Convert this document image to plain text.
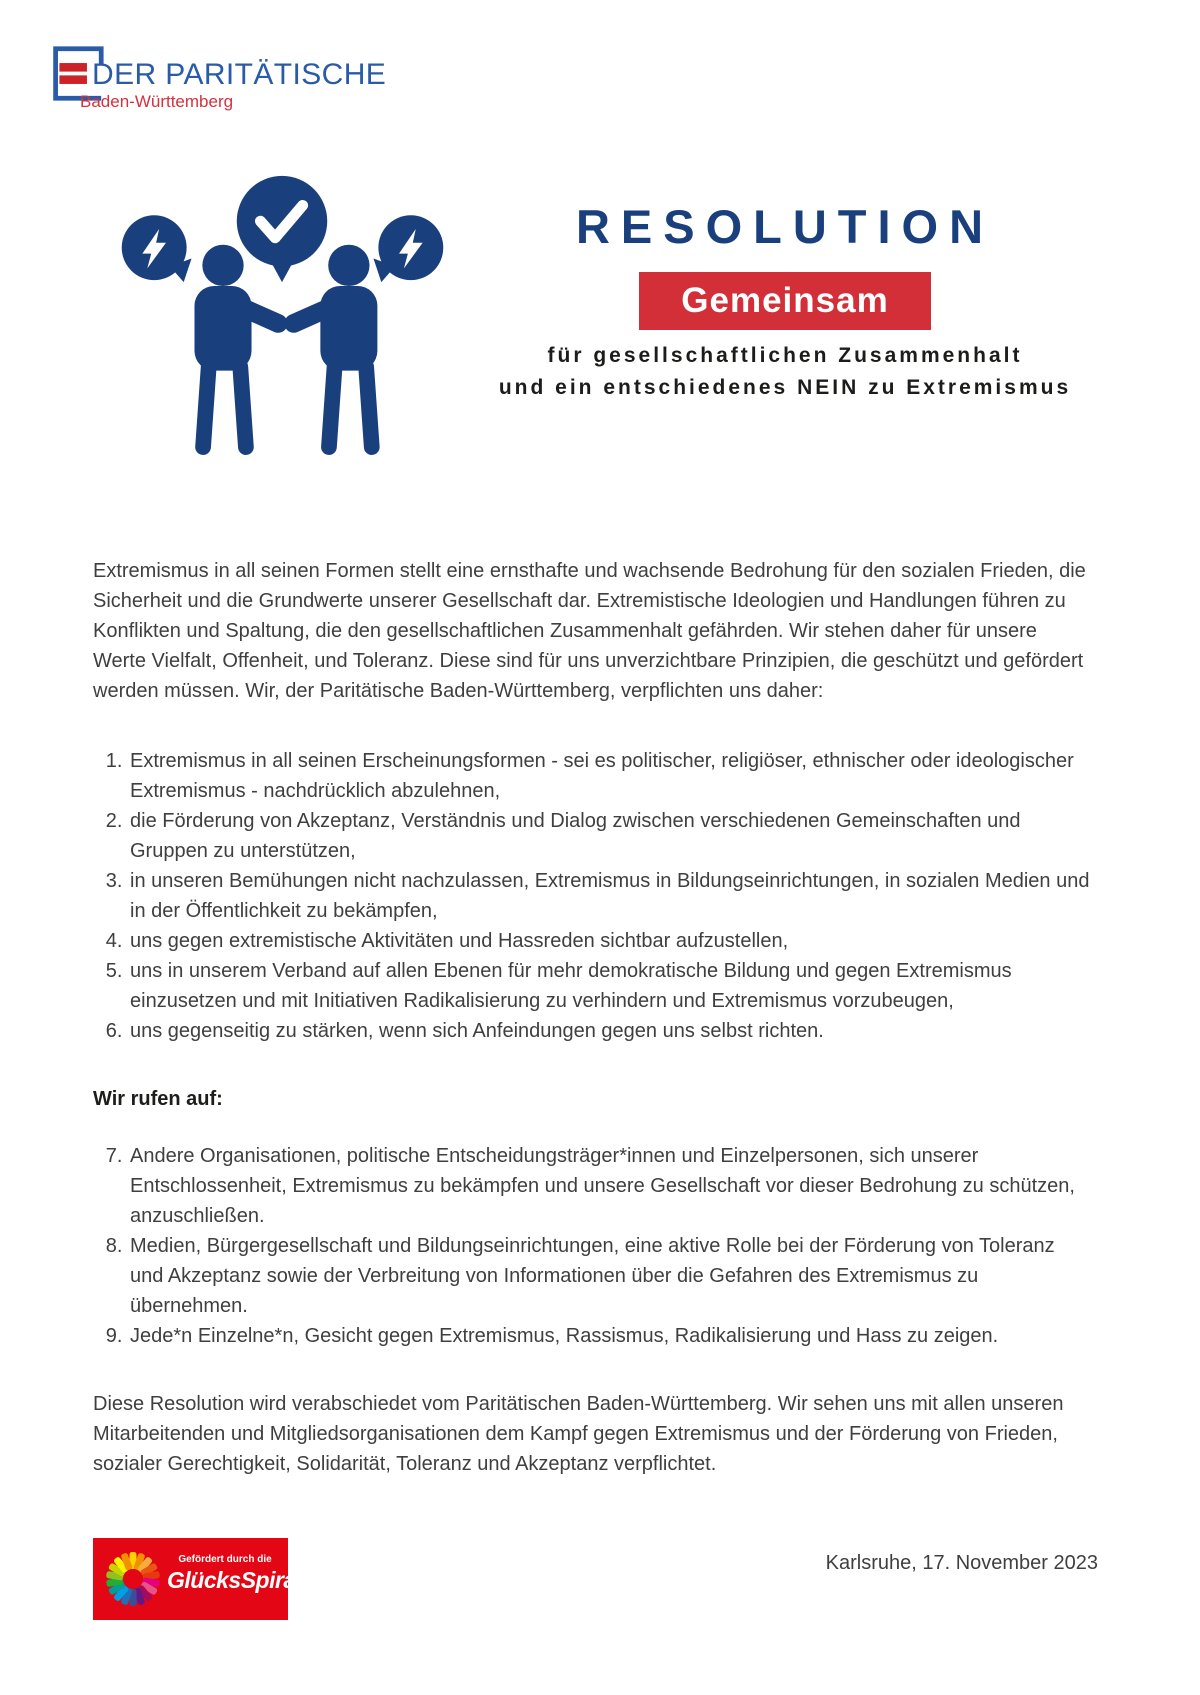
DER PARITÄTISCHE
Baden-Württemberg
RESOLUTION
Gemeinsam
für gesellschaftlichen Zusammenhalt
und ein entschiedenes NEIN zu Extremismus

Extremismus in all seinen Formen stellt eine ernsthafte und wachsende Bedrohung für den sozialen Frieden, die Sicherheit und die Grundwerte unserer Gesellschaft dar. Extremistische Ideologien und Handlungen führen zu Konflikten und Spaltung, die den gesellschaftlichen Zusammenhalt gefährden. Wir stehen daher für unsere Werte Vielfalt, Offenheit, und Toleranz. Diese sind für uns unverzichtbare Prinzipien, die geschützt und gefördert werden müssen. Wir, der Paritätische Baden-Württemberg, verpflichten uns daher:

1. Extremismus in all seinen Erscheinungsformen - sei es politischer, religiöser, ethnischer oder ideologischer Extremismus - nachdrücklich abzulehnen,
2. die Förderung von Akzeptanz, Verständnis und Dialog zwischen verschiedenen Gemeinschaften und Gruppen zu unterstützen,
3. in unseren Bemühungen nicht nachzulassen, Extremismus in Bildungseinrichtungen, in sozialen Medien und in der Öffentlichkeit zu bekämpfen,
4. uns gegen extremistische Aktivitäten und Hassreden sichtbar aufzustellen,
5. uns in unserem Verband auf allen Ebenen für mehr demokratische Bildung und gegen Extremismus einzusetzen und mit Initiativen Radikalisierung zu verhindern und Extremismus vorzubeugen,
6. uns gegenseitig zu stärken, wenn sich Anfeindungen gegen uns selbst richten.

Wir rufen auf:

7. Andere Organisationen, politische Entscheidungsträger*innen und Einzelpersonen, sich unserer Entschlossenheit, Extremismus zu bekämpfen und unsere Gesellschaft vor dieser Bedrohung zu schützen, anzuschließen.
8. Medien, Bürgergesellschaft und Bildungseinrichtungen, eine aktive Rolle bei der Förderung von Toleranz und Akzeptanz sowie der Verbreitung von Informationen über die Gefahren des Extremismus zu übernehmen.
9. Jede*n Einzelne*n, Gesicht gegen Extremismus, Rassismus, Radikalisierung und Hass zu zeigen.

Diese Resolution wird verabschiedet vom Paritätischen Baden-Württemberg. Wir sehen uns mit allen unseren Mitarbeitenden und Mitgliedsorganisationen dem Kampf gegen Extremismus und der Förderung von Frieden, sozialer Gerechtigkeit, Solidarität, Toleranz und Akzeptanz verpflichtet.

Gefördert durch die
GlücksSpirale
Karlsruhe, 17. November 2023
